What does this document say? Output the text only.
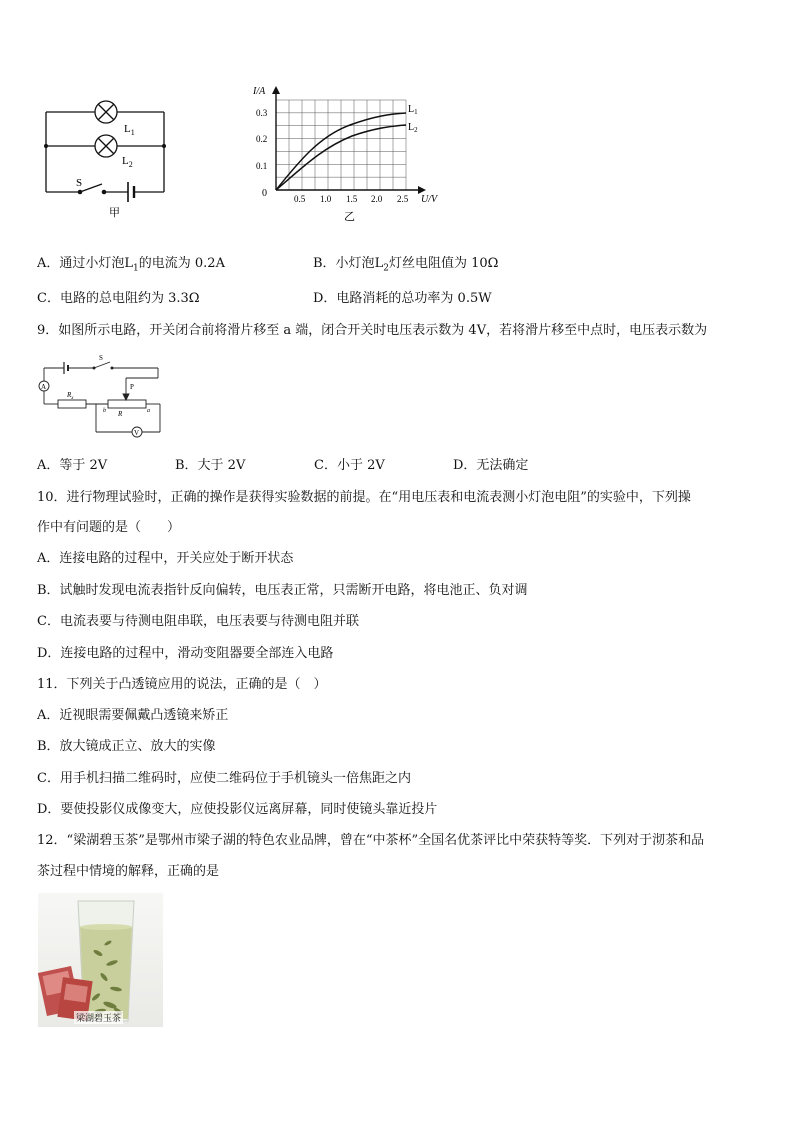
$L_1$
$L_2$
S
甲
I/A
U/V
0
0.1
0.2
0.3
0.5 1.0 1.5 2.0 2.5
$L_1$
$L_2$
乙
A．通过小灯泡$L_1$的电流为 0.2A	B．小灯泡$L_2$灯丝电阻值为 10Ω
C．电路的总电阻约为 3.3Ω	D．电路消耗的总功率为 0.5W
9．如图所示电路，开关闭合前将滑片移至 a 端，闭合开关时电压表示数为 4V，若将滑片移至中点时，电压表示数为
A
S
$R_x$
P
R
b	a
V
A．等于 2V	B．大于 2V	C．小于 2V	D．无法确定
10．进行物理试验时，正确的操作是获得实验数据的前提。在“用电压表和电流表测小灯泡电阻”的实验中，下列操
作中有问题的是（　　）
A．连接电路的过程中，开关应处于断开状态
B．试触时发现电流表指针反向偏转，电压表正常，只需断开电路，将电池正、负对调
C．电流表要与待测电阻串联，电压表要与待测电阻并联
D．连接电路的过程中，滑动变阻器要全部连入电路
11．下列关于凸透镜应用的说法，正确的是（　）
A．近视眼需要佩戴凸透镜来矫正
B．放大镜成正立、放大的实像
C．用手机扫描二维码时，应使二维码位于手机镜头一倍焦距之内
D．要使投影仪成像变大，应使投影仪远离屏幕，同时使镜头靠近投片
12．“梁湖碧玉茶”是鄂州市梁子湖的特色农业品牌，曾在“中茶杯”全国名优茶评比中荣获特等奖．下列对于沏茶和品
茶过程中情境的解释，正确的是
梁湖碧玉茶
